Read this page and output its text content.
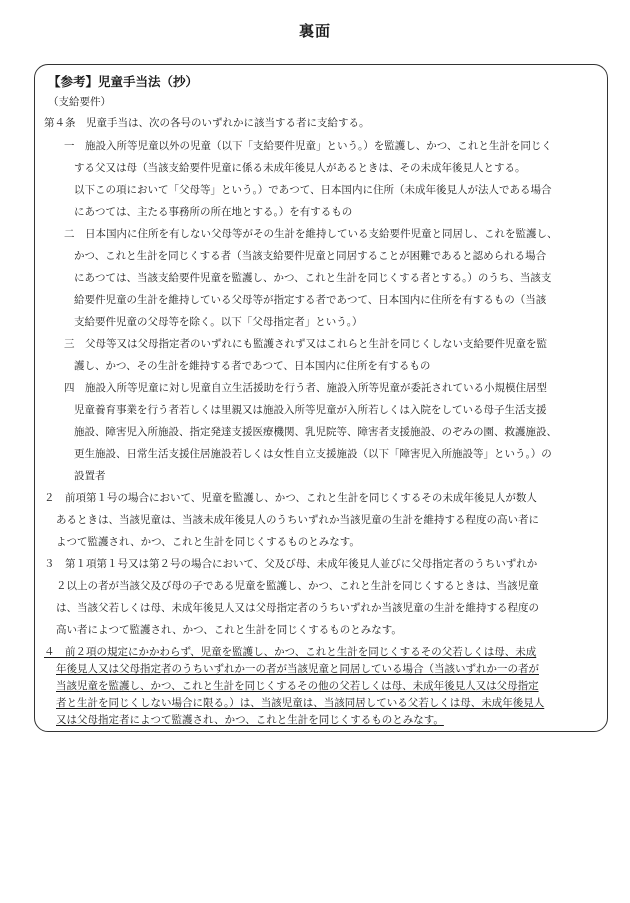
裏面
【参考】児童手当法（抄）
（支給要件）
第４条　児童手当は、次の各号のいずれかに該当する者に支給する。
一　施設入所等児童以外の児童（以下「支給要件児童」という。）を監護し、かつ、これと生計を同じく
する父又は母（当該支給要件児童に係る未成年後見人があるときは、その未成年後見人とする。
以下この項において「父母等」という。）であつて、日本国内に住所（未成年後見人が法人である場合
にあつては、主たる事務所の所在地とする。）を有するもの
二　日本国内に住所を有しない父母等がその生計を維持している支給要件児童と同居し、これを監護し、
かつ、これと生計を同じくする者（当該支給要件児童と同居することが困難であると認められる場合
にあつては、当該支給要件児童を監護し、かつ、これと生計を同じくする者とする。）のうち、当該支
給要件児童の生計を維持している父母等が指定する者であつて、日本国内に住所を有するもの（当該
支給要件児童の父母等を除く。以下「父母指定者」という。）
三　父母等又は父母指定者のいずれにも監護されず又はこれらと生計を同じくしない支給要件児童を監
護し、かつ、その生計を維持する者であつて、日本国内に住所を有するもの
四　施設入所等児童に対し児童自立生活援助を行う者、施設入所等児童が委託されている小規模住居型
児童養育事業を行う者若しくは里親又は施設入所等児童が入所若しくは入院をしている母子生活支援
施設、障害児入所施設、指定発達支援医療機関、乳児院等、障害者支援施設、のぞみの園、救護施設、
更生施設、日常生活支援住居施設若しくは女性自立支援施設（以下「障害児入所施設等」という。）の
設置者
２　前項第１号の場合において、児童を監護し、かつ、これと生計を同じくするその未成年後見人が数人
あるときは、当該児童は、当該未成年後見人のうちいずれか当該児童の生計を維持する程度の高い者に
よつて監護され、かつ、これと生計を同じくするものとみなす。
３　第１項第１号又は第２号の場合において、父及び母、未成年後見人並びに父母指定者のうちいずれか
２以上の者が当該父及び母の子である児童を監護し、かつ、これと生計を同じくするときは、当該児童
は、当該父若しくは母、未成年後見人又は父母指定者のうちいずれか当該児童の生計を維持する程度の
高い者によつて監護され、かつ、これと生計を同じくするものとみなす。
４　前２項の規定にかかわらず、児童を監護し、かつ、これと生計を同じくするその父若しくは母、未成
年後見人又は父母指定者のうちいずれか一の者が当該児童と同居している場合（当該いずれか一の者が
当該児童を監護し、かつ、これと生計を同じくするその他の父若しくは母、未成年後見人又は父母指定
者と生計を同じくしない場合に限る。）は、当該児童は、当該同居している父若しくは母、未成年後見人
又は父母指定者によつて監護され、かつ、これと生計を同じくするものとみなす。
